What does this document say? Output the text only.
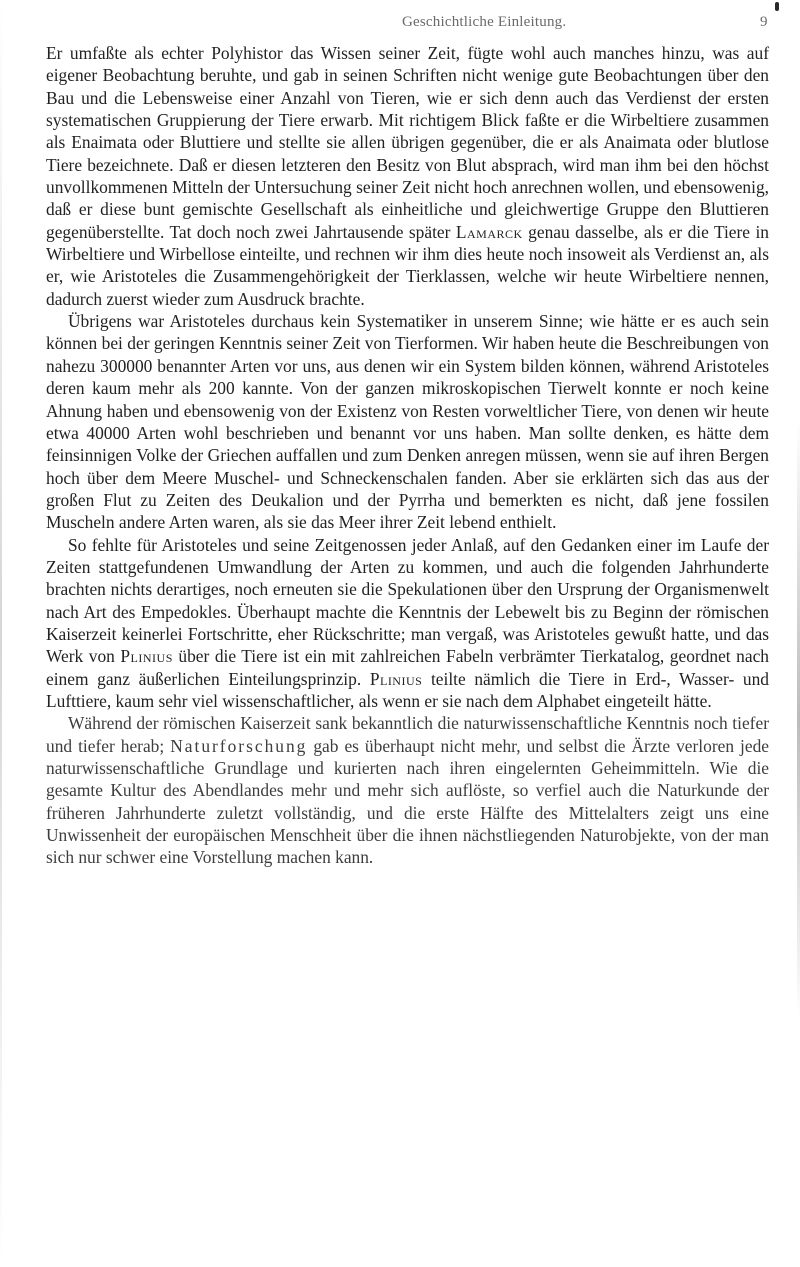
Geschichtliche Einleitung.	9

Er umfaßte als echter Polyhistor das Wissen seiner Zeit, fügte wohl auch manches hinzu, was auf eigener Beobachtung beruhte, und gab in seinen Schriften nicht wenige gute Beobachtungen über den Bau und die Lebensweise einer Anzahl von Tieren, wie er sich denn auch das Verdienst der ersten systematischen Gruppierung der Tiere erwarb. Mit richtigem Blick faßte er die Wirbeltiere zusammen als Enaimata oder Bluttiere und stellte sie allen übrigen gegenüber, die er als Anaimata oder blutlose Tiere bezeichnete. Daß er diesen letzteren den Besitz von Blut absprach, wird man ihm bei den höchst unvollkommenen Mitteln der Untersuchung seiner Zeit nicht hoch anrechnen wollen, und ebensowenig, daß er diese bunt gemischte Gesellschaft als einheitliche und gleichwertige Gruppe den Bluttieren gegenüberstellte. Tat doch noch zwei Jahrtausende später Lamarck genau dasselbe, als er die Tiere in Wirbeltiere und Wirbellose einteilte, und rechnen wir ihm dies heute noch insoweit als Verdienst an, als er, wie Aristoteles die Zusammengehörigkeit der Tierklassen, welche wir heute Wirbeltiere nennen, dadurch zuerst wieder zum Ausdruck brachte.

Übrigens war Aristoteles durchaus kein Systematiker in unserem Sinne; wie hätte er es auch sein können bei der geringen Kenntnis seiner Zeit von Tierformen. Wir haben heute die Beschreibungen von nahezu 300000 benannter Arten vor uns, aus denen wir ein System bilden können, während Aristoteles deren kaum mehr als 200 kannte. Von der ganzen mikroskopischen Tierwelt konnte er noch keine Ahnung haben und ebensowenig von der Existenz von Resten vorweltlicher Tiere, von denen wir heute etwa 40000 Arten wohl beschrieben und benannt vor uns haben. Man sollte denken, es hätte dem feinsinnigen Volke der Griechen auffallen und zum Denken anregen müssen, wenn sie auf ihren Bergen hoch über dem Meere Muschel- und Schneckenschalen fanden. Aber sie erklärten sich das aus der großen Flut zu Zeiten des Deukalion und der Pyrrha und bemerkten es nicht, daß jene fossilen Muscheln andere Arten waren, als sie das Meer ihrer Zeit lebend enthielt.

So fehlte für Aristoteles und seine Zeitgenossen jeder Anlaß, auf den Gedanken einer im Laufe der Zeiten stattgefundenen Umwandlung der Arten zu kommen, und auch die folgenden Jahrhunderte brachten nichts derartiges, noch erneuten sie die Spekulationen über den Ursprung der Organismenwelt nach Art des Empedokles. Überhaupt machte die Kenntnis der Lebewelt bis zu Beginn der römischen Kaiserzeit keinerlei Fortschritte, eher Rückschritte; man vergaß, was Aristoteles gewußt hatte, und das Werk von Plinius über die Tiere ist ein mit zahlreichen Fabeln verbrämter Tierkatalog, geordnet nach einem ganz äußerlichen Einteilungsprinzip. Plinius teilte nämlich die Tiere in Erd-, Wasser- und Lufttiere, kaum sehr viel wissenschaftlicher, als wenn er sie nach dem Alphabet eingeteilt hätte.

Während der römischen Kaiserzeit sank bekanntlich die naturwissenschaftliche Kenntnis noch tiefer und tiefer herab; Naturforschung gab es überhaupt nicht mehr, und selbst die Ärzte verloren jede naturwissenschaftliche Grundlage und kurierten nach ihren eingelernten Geheimmitteln. Wie die gesamte Kultur des Abendlandes mehr und mehr sich auflöste, so verfiel auch die Naturkunde der früheren Jahrhunderte zuletzt vollständig, und die erste Hälfte des Mittelalters zeigt uns eine Unwissenheit der europäischen Menschheit über die ihnen nächstliegenden Naturobjekte, von der man sich nur schwer eine Vorstellung machen kann.
